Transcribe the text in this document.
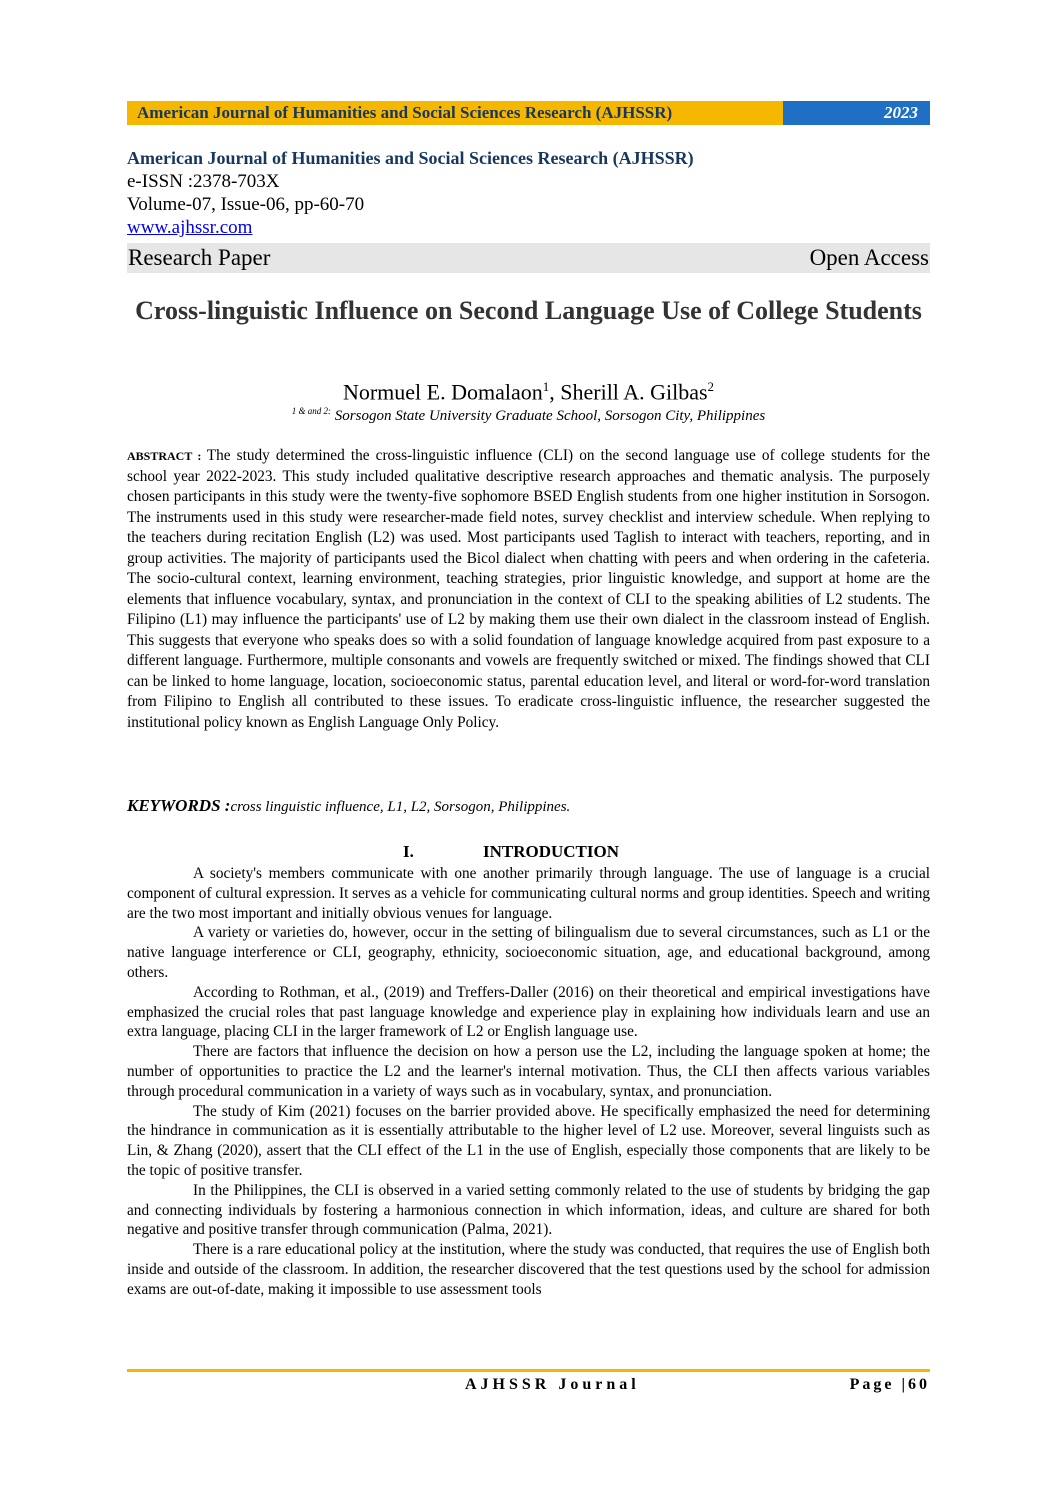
American Journal of Humanities and Social Sciences Research (AJHSSR)	2023
American Journal of Humanities and Social Sciences Research (AJHSSR)
e-ISSN :2378-703X
Volume-07, Issue-06, pp-60-70
www.ajhssr.com
Research Paper	Open Access
Cross-linguistic Influence on Second Language Use of College Students
Normuel E. Domalaon$^1$, Sherill A. Gilbas$^2$
$^{1 \& and 2:}$ Sorsogon State University Graduate School, Sorsogon City, Philippines
ABSTRACT : The study determined the cross-linguistic influence (CLI) on the second language use of college students for the school year 2022-2023. This study included qualitative descriptive research approaches and thematic analysis. The purposely chosen participants in this study were the twenty-five sophomore BSED English students from one higher institution in Sorsogon. The instruments used in this study were researcher-made field notes, survey checklist and interview schedule. When replying to the teachers during recitation English (L2) was used. Most participants used Taglish to interact with teachers, reporting, and in group activities. The majority of participants used the Bicol dialect when chatting with peers and when ordering in the cafeteria. The socio-cultural context, learning environment, teaching strategies, prior linguistic knowledge, and support at home are the elements that influence vocabulary, syntax, and pronunciation in the context of CLI to the speaking abilities of L2 students. The Filipino (L1) may influence the participants' use of L2 by making them use their own dialect in the classroom instead of English. This suggests that everyone who speaks does so with a solid foundation of language knowledge acquired from past exposure to a different language. Furthermore, multiple consonants and vowels are frequently switched or mixed. The findings showed that CLI can be linked to home language, location, socioeconomic status, parental education level, and literal or word-for-word translation from Filipino to English all contributed to these issues. To eradicate cross-linguistic influence, the researcher suggested the institutional policy known as English Language Only Policy.
KEYWORDS :cross linguistic influence, L1, L2, Sorsogon, Philippines.
I.	INTRODUCTION

A society's members communicate with one another primarily through language. The use of language is a crucial component of cultural expression. It serves as a vehicle for communicating cultural norms and group identities. Speech and writing are the two most important and initially obvious venues for language.

A variety or varieties do, however, occur in the setting of bilingualism due to several circumstances, such as L1 or the native language interference or CLI, geography, ethnicity, socioeconomic situation, age, and educational background, among others.

According to Rothman, et al., (2019) and Treffers-Daller (2016) on their theoretical and empirical investigations have emphasized the crucial roles that past language knowledge and experience play in explaining how individuals learn and use an extra language, placing CLI in the larger framework of L2 or English language use.

There are factors that influence the decision on how a person use the L2, including the language spoken at home; the number of opportunities to practice the L2 and the learner's internal motivation. Thus, the CLI then affects various variables through procedural communication in a variety of ways such as in vocabulary, syntax, and pronunciation.

The study of Kim (2021) focuses on the barrier provided above. He specifically emphasized the need for determining the hindrance in communication as it is essentially attributable to the higher level of L2 use. Moreover, several linguists such as Lin, & Zhang (2020), assert that the CLI effect of the L1 in the use of English, especially those components that are likely to be the topic of positive transfer.

In the Philippines, the CLI is observed in a varied setting commonly related to the use of students by bridging the gap and connecting individuals by fostering a harmonious connection in which information, ideas, and culture are shared for both negative and positive transfer through communication (Palma, 2021).

There is a rare educational policy at the institution, where the study was conducted, that requires the use of English both inside and outside of the classroom. In addition, the researcher discovered that the test questions used by the school for admission exams are out-of-date, making it impossible to use assessment tools

AJHSSR Journal	Page |60
